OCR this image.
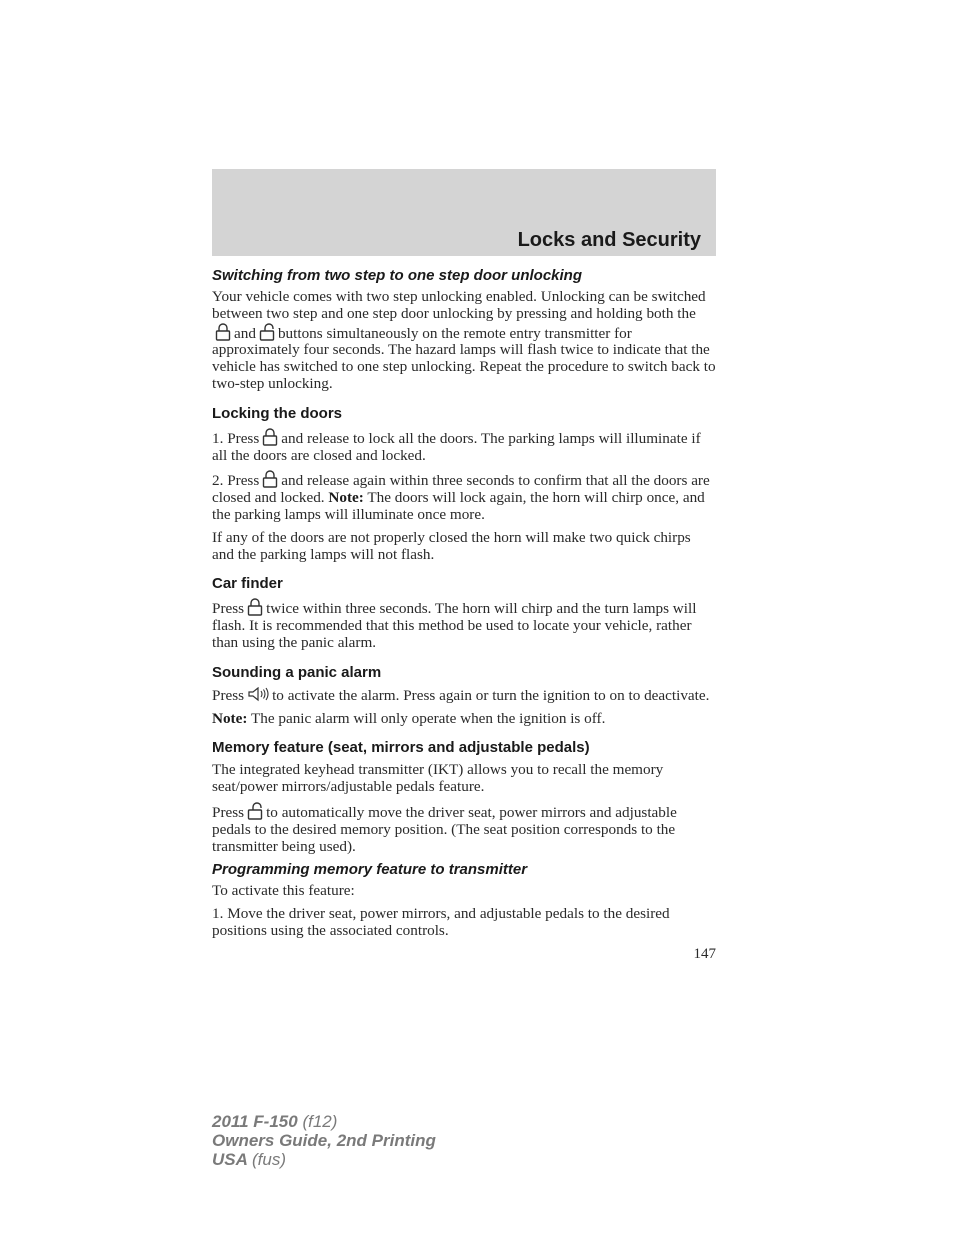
Locks and Security
Switching from two step to one step door unlocking

Your vehicle comes with two step unlocking enabled. Unlocking can be switched between two step and one step door unlocking by pressing and holding both the
and buttons simultaneously on the remote entry transmitter for approximately four seconds. The hazard lamps will flash twice to indicate that the vehicle has switched to one step unlocking. Repeat the procedure to switch back to two-step unlocking.

Locking the doors

1. Press and release to lock all the doors. The parking lamps will illuminate if all the doors are closed and locked.

2. Press and release again within three seconds to confirm that all the doors are closed and locked. Note: The doors will lock again, the horn will chirp once, and the parking lamps will illuminate once more.

If any of the doors are not properly closed the horn will make two quick chirps and the parking lamps will not flash.

Car finder

Press twice within three seconds. The horn will chirp and the turn lamps will flash. It is recommended that this method be used to locate your vehicle, rather than using the panic alarm.

Sounding a panic alarm

Press to activate the alarm. Press again or turn the ignition to on to deactivate.

Note: The panic alarm will only operate when the ignition is off.

Memory feature (seat, mirrors and adjustable pedals)

The integrated keyhead transmitter (IKT) allows you to recall the memory seat/power mirrors/adjustable pedals feature.

Press to automatically move the driver seat, power mirrors and adjustable pedals to the desired memory position. (The seat position corresponds to the transmitter being used).

Programming memory feature to transmitter

To activate this feature:

1. Move the driver seat, power mirrors, and adjustable pedals to the desired positions using the associated controls.

147
2011 F-150 (f12)
Owners Guide, 2nd Printing
USA (fus)
